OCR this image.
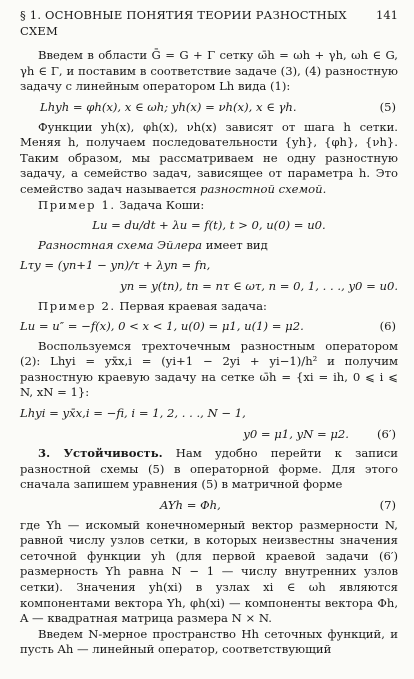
§ 1. ОСНОВНЫЕ ПОНЯТИЯ ТЕОРИИ РАЗНОСТНЫХ СХЕМ
141

Введем в области Ḡ = G + Γ сетку ω̄h = ωh + γh, ωh ∈ G, γh ∈ Γ, и поставим в соответствие задаче (3), (4) разностную задачу с линейным оператором Lh вида (1):

Lhyh = φh(x), x ∈ ωh; yh(x) = νh(x), x ∈ γh.	(5)

Функции yh(x), φh(x), νh(x) зависят от шага h сетки. Меняя h, получаем последовательности {yh}, {φh}, {νh}. Таким образом, мы рассматриваем не одну разностную задачу, а семейство задач, зависящее от параметра h. Это семейство задач называется разностной схемой.

Пример 1. Задача Коши:

Lu = du/dt + λu = f(t), t > 0, u(0) = u0.

Разностная схема Эйлера имеет вид

Lτy = (yn+1 − yn)/τ + λyn = fn,
yn = y(tn), tn = nτ ∈ ωτ, n = 0, 1, . . ., y0 = u0.

Пример 2. Первая краевая задача:

Lu = u″ = −f(x), 0 < x < 1, u(0) = μ1, u(1) = μ2.	(6)

Воспользуемся трехточечным разностным оператором (2): Lhyi = yx̄x,i = (yi+1 − 2yi + yi−1)/h² и получим разностную краевую задачу на сетке ω̄h = {xi = ih, 0 ⩽ i ⩽ N, xN = 1}:

Lhyi = yx̄x,i = −fi, i = 1, 2, . . ., N − 1,
y0 = μ1, yN = μ2. (6′)

3. Устойчивость. Нам удобно перейти к записи разностной схемы (5) в операторной форме. Для этого сначала запишем уравнения (5) в матричной форме

AYh = Φh,	(7)

где Yh — искомый конечномерный вектор размерности N, равной числу узлов сетки, в которых неизвестны значения сеточной функции yh (для первой краевой задачи (6′) размерность Yh равна N − 1 — числу внутренних узлов сетки). Значения yh(xi) в узлах xi ∈ ωh являются компонентами вектора Yh, φh(xi) — компоненты вектора Φh, A — квадратная матрица размера N × N.

Введем N-мерное пространство Hh сеточных функций, и пусть Ah — линейный оператор, соответствующий
